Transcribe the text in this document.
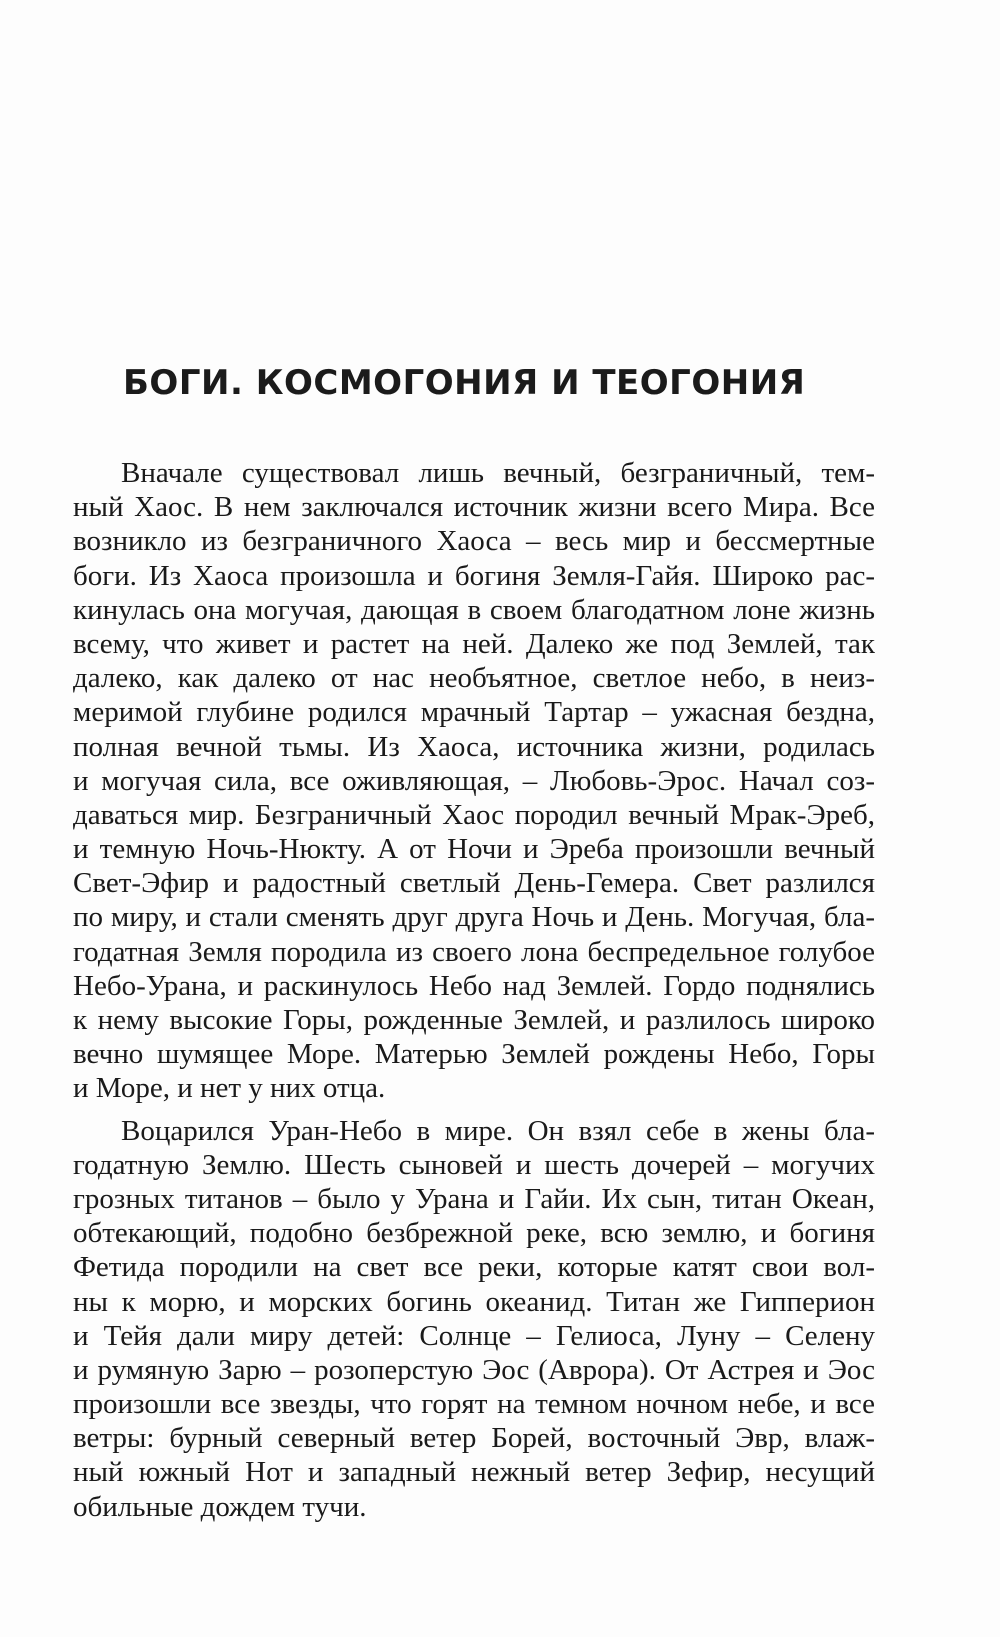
БОГИ. КОСМОГОНИЯ И ТЕОГОНИЯ
Вначале существовал лишь вечный, безграничный, тем-
ный Хаос. В нем заключался источник жизни всего Мира. Все
возникло из безграничного Хаоса – весь мир и бессмертные
боги. Из Хаоса произошла и богиня Земля-Гайя. Широко рас-
кинулась она могучая, дающая в своем благодатном лоне жизнь
всему, что живет и растет на ней. Далеко же под Землей, так
далеко, как далеко от нас необъятное, светлое небо, в неиз-
меримой глубине родился мрачный Тартар – ужасная бездна,
полная вечной тьмы. Из Хаоса, источника жизни, родилась
и могучая сила, все оживляющая, – Любовь-Эрос. Начал соз-
даваться мир. Безграничный Хаос породил вечный Мрак-Эреб,
и темную Ночь-Нюкту. А от Ночи и Эреба произошли вечный
Свет-Эфир и радостный светлый День-Гемера. Свет разлился
по миру, и стали сменять друг друга Ночь и День. Могучая, бла-
годатная Земля породила из своего лона беспредельное голубое
Небо-Урана, и раскинулось Небо над Землей. Гордо поднялись
к нему высокие Горы, рожденные Землей, и разлилось широко
вечно шумящее Море. Матерью Землей рождены Небо, Горы
и Море, и нет у них отца.
Воцарился Уран-Небо в мире. Он взял себе в жены бла-
годатную Землю. Шесть сыновей и шесть дочерей – могучих
грозных титанов – было у Урана и Гайи. Их сын, титан Океан,
обтекающий, подобно безбрежной реке, всю землю, и богиня
Фетида породили на свет все реки, которые катят свои вол-
ны к морю, и морских богинь океанид. Титан же Гипперион
и Тейя дали миру детей: Солнце – Гелиоса, Луну – Селену
и румяную Зарю – розоперстую Эос (Аврора). От Астрея и Эос
произошли все звезды, что горят на темном ночном небе, и все
ветры: бурный северный ветер Борей, восточный Эвр, влаж-
ный южный Нот и западный нежный ветер Зефир, несущий
обильные дождем тучи.
